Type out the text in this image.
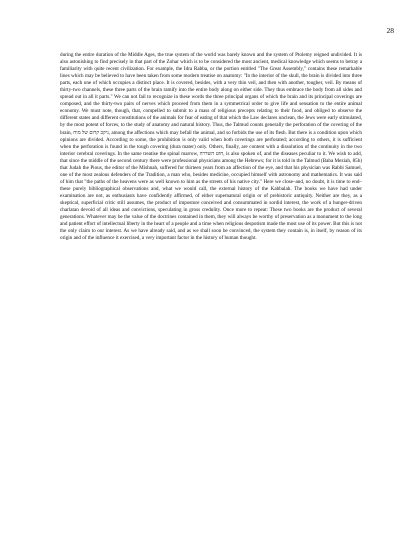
28

during the entire duration of the Middle Ages, the true system of the world was barely known and the system of Ptolemy reigned undivided. It is also astonishing to find precisely in that part of the Zohar which is to be considered the most ancient, medical knowledge which seems to betray a familiarity with quite recent civilization. For example, the Idra Rabba, or the portion entitled "The Great Assembly," contains these remarkable lines which may be believed to have been taken from some modern treatise on anatomy: "In the interior of the skull, the brain is divided into three parts, each one of which occupies a distinct place. It is covered, besides, with a very thin veil, and then with another, tougher, veil. By means of thirty-two channels, these three parts of the brain ramify into the entire body along on either side. They thus embrace the body from all sides and spread out in all it parts." We can not fail to recognize in these words the three principal organs of which the brain and its principal coverings are composed, and the thirty-two pairs of nerves which proceed from them in a symmetrical order to give life and sensation to the entire animal economy. We must note, though, that, compelled to submit to a mass of religious precepts relating to their food, and obliged to observe the different states and different constitutions of the animals for fear of eating of that which the Law declares unclean, the Jews were early stimulated, by the most potent of forces, to the study of anatomy and natural history. Thus, the Talmud counts generally the perforation of the covering of the brain, ניקב קרום של מוח, among the affections which may befall the animal, and so forbids the use of its flesh. But there is a condition upon which opinions are divided. According to some, the prohibition is only valid when both coverings are perforated; according to others, it is sufficient when the perforation is found in the tough covering (dura mater) only. Others, finally, are content with a dissolution of the continuity in the two interior cerebral coverings. In the same treatise the spinal marrow, חוט השדרה, is also spoken of, and the diseases peculiar to it. We wish to add, that since the middle of the second century there were professional physicians among the Hebrews; for it is told in the Talmud (Baba Meziah, 85b) that Judah the Pious, the editor of the Mishnah, suffered for thirteen years from an affection of the eye, and that his physician was Rabbi Samuel, one of the most zealous defenders of the Tradition, a man who, besides medicine, occupied himself with astronomy and mathematics. It was said of him that "the paths of the heavens were as well known to him as the streets of his native city." Here we close–and, no doubt, it is time to end–these purely bibliographical observations and, what we would call, the external history of the Kabbalah. The books we have had under examination are not, as enthusiasts have confidently affirmed, of either supernatural origin or of prehistoric antiquity. Neither are they, as a skeptical, superficial critic still assumes, the product of imposture conceived and consummated in sordid interest, the work of a hunger-driven charlatan devoid of all ideas and convictions, speculating in gross credulity. Once more to repeat: These two books are the product of several generations. Whatever may be the value of the doctrines contained in them, they will always be worthy of preservation as a monument to the long and patient effort of intellectual liberty in the heart of a people and a time when religious despotism made the most use of its power. But this is not the only claim to our interest. As we have already said, and as we shall soon be convinced, the system they contain is, in itself, by reason of its origin and of the influence it exercised, a very important factor in the history of human thought.
